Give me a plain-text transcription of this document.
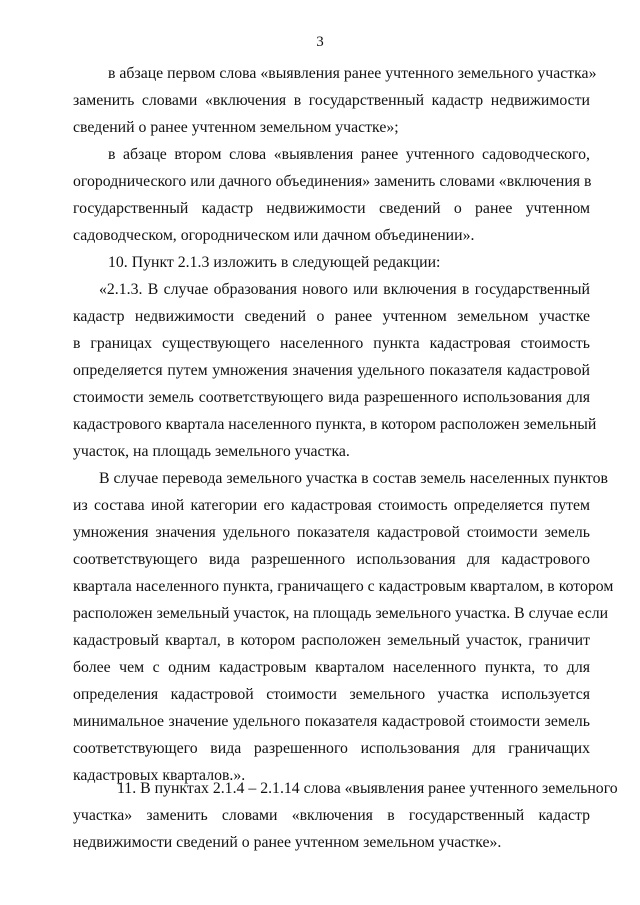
3
в абзаце первом слова «выявления ранее учтенного земельного участка»
заменить словами «включения в государственный кадастр недвижимости
сведений о ранее учтенном земельном участке»;
в абзаце втором слова «выявления ранее учтенного садоводческого,
огороднического или дачного объединения» заменить словами «включения в
государственный кадастр недвижимости сведений о ранее учтенном
садоводческом, огородническом или дачном объединении».
10. Пункт 2.1.3 изложить в следующей редакции:
«2.1.3. В случае образования нового или включения в государственный
кадастр недвижимости сведений о ранее учтенном земельном участке
в границах существующего населенного пункта кадастровая стоимость
определяется путем умножения значения удельного показателя кадастровой
стоимости земель соответствующего вида разрешенного использования для
кадастрового квартала населенного пункта, в котором расположен земельный
участок, на площадь земельного участка.
В случае перевода земельного участка в состав земель населенных пунктов
из состава иной категории его кадастровая стоимость определяется путем
умножения значения удельного показателя кадастровой стоимости земель
соответствующего вида разрешенного использования для кадастрового
квартала населенного пункта, граничащего с кадастровым кварталом, в котором
расположен земельный участок, на площадь земельного участка. В случае если
кадастровый квартал, в котором расположен земельный участок, граничит
более чем с одним кадастровым кварталом населенного пункта, то для
определения кадастровой стоимости земельного участка используется
минимальное значение удельного показателя кадастровой стоимости земель
соответствующего вида разрешенного использования для граничащих
кадастровых кварталов.».
11. В пунктах 2.1.4 – 2.1.14 слова «выявления ранее учтенного земельного
участка» заменить словами «включения в государственный кадастр
недвижимости сведений о ранее учтенном земельном участке».
